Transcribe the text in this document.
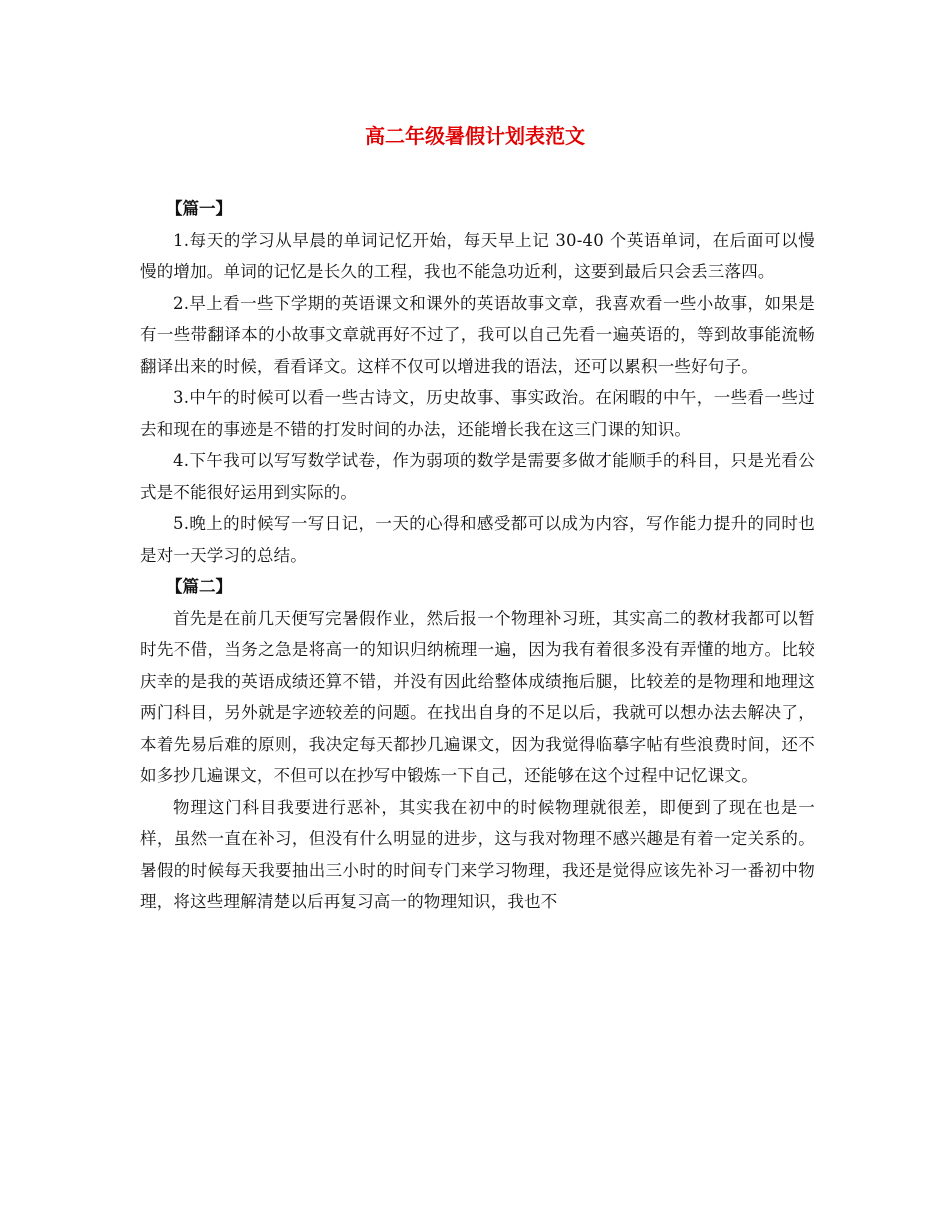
高二年级暑假计划表范文

【篇一】

1.每天的学习从早晨的单词记忆开始，每天早上记 30-40 个英语单词，在后面可以慢慢的增加。单词的记忆是长久的工程，我也不能急功近利，这要到最后只会丢三落四。

2.早上看一些下学期的英语课文和课外的英语故事文章，我喜欢看一些小故事，如果是有一些带翻译本的小故事文章就再好不过了，我可以自己先看一遍英语的，等到故事能流畅翻译出来的时候，看看译文。这样不仅可以增进我的语法，还可以累积一些好句子。

3.中午的时候可以看一些古诗文，历史故事、事实政治。在闲暇的中午，一些看一些过去和现在的事迹是不错的打发时间的办法，还能增长我在这三门课的知识。

4.下午我可以写写数学试卷，作为弱项的数学是需要多做才能顺手的科目，只是光看公式是不能很好运用到实际的。

5.晚上的时候写一写日记，一天的心得和感受都可以成为内容，写作能力提升的同时也是对一天学习的总结。

【篇二】

首先是在前几天便写完暑假作业，然后报一个物理补习班，其实高二的教材我都可以暂时先不借，当务之急是将高一的知识归纳梳理一遍，因为我有着很多没有弄懂的地方。比较庆幸的是我的英语成绩还算不错，并没有因此给整体成绩拖后腿，比较差的是物理和地理这两门科目，另外就是字迹较差的问题。在找出自身的不足以后，我就可以想办法去解决了，本着先易后难的原则，我决定每天都抄几遍课文，因为我觉得临摹字帖有些浪费时间，还不如多抄几遍课文，不但可以在抄写中锻炼一下自己，还能够在这个过程中记忆课文。

物理这门科目我要进行恶补，其实我在初中的时候物理就很差，即便到了现在也是一样，虽然一直在补习，但没有什么明显的进步，这与我对物理不感兴趣是有着一定关系的。暑假的时候每天我要抽出三小时的时间专门来学习物理，我还是觉得应该先补习一番初中物理，将这些理解清楚以后再复习高一的物理知识，我也不
